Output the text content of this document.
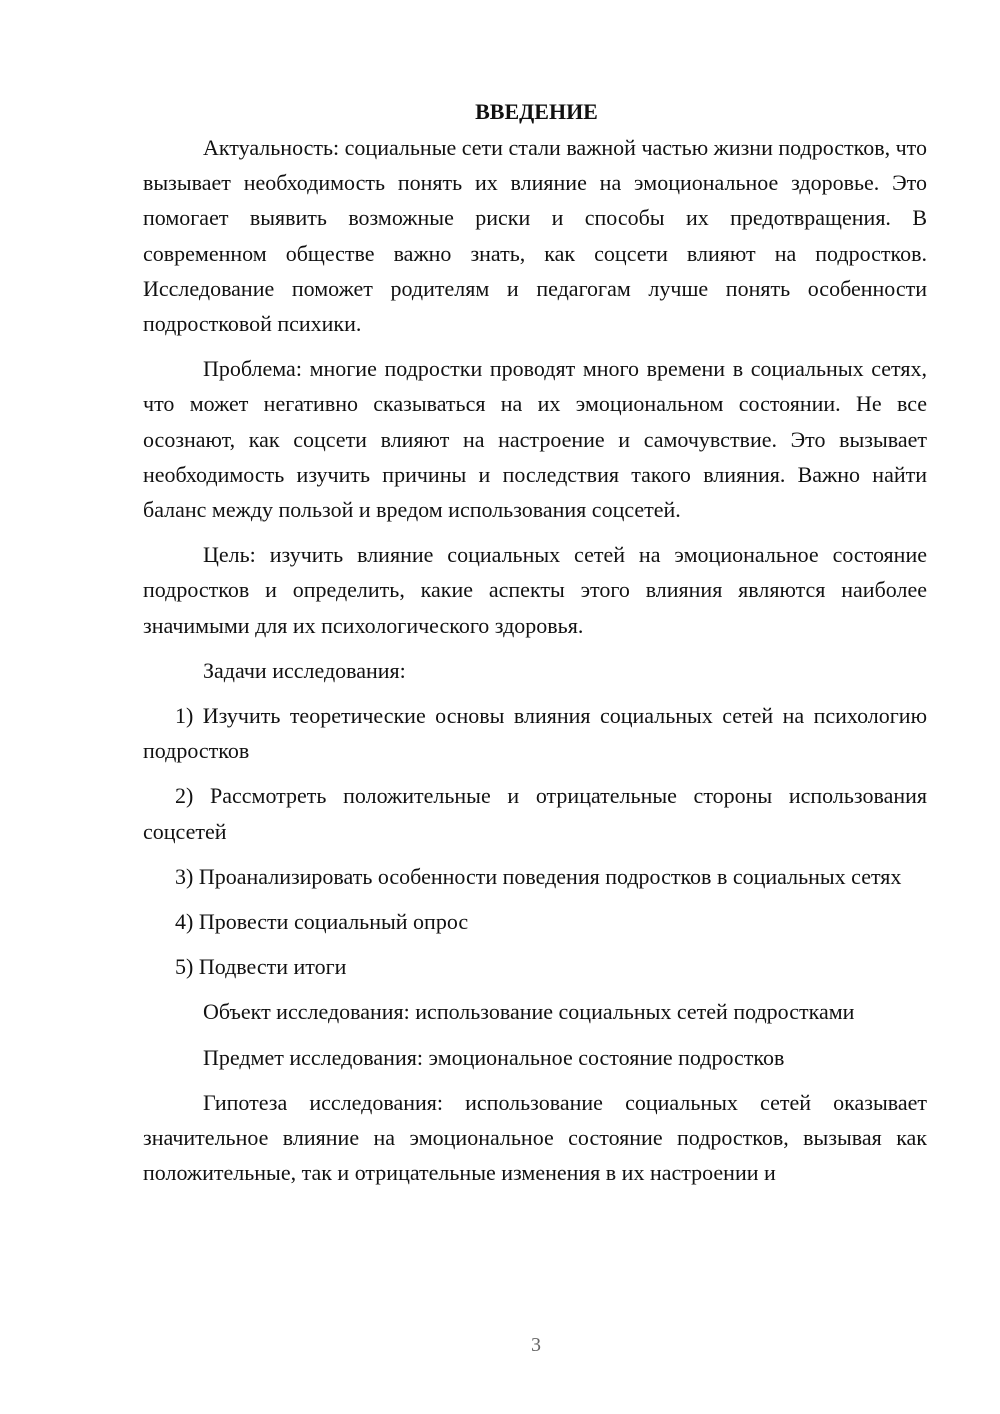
ВВЕДЕНИЕ

Актуальность: социальные сети стали важной частью жизни подростков, что вызывает необходимость понять их влияние на эмоциональное здоровье. Это помогает выявить возможные риски и способы их предотвращения. В современном обществе важно знать, как соцсети влияют на подростков. Исследование поможет родителям и педагогам лучше понять особенности подростковой психики.

Проблема: многие подростки проводят много времени в социальных сетях, что может негативно сказываться на их эмоциональном состоянии. Не все осознают, как соцсети влияют на настроение и самочувствие. Это вызывает необходимость изучить причины и последствия такого влияния. Важно найти баланс между пользой и вредом использования соцсетей.

Цель: изучить влияние социальных сетей на эмоциональное состояние подростков и определить, какие аспекты этого влияния являются наиболее значимыми для их психологического здоровья.

Задачи исследования:

1) Изучить теоретические основы влияния социальных сетей на психологию подростков

2) Рассмотреть положительные и отрицательные стороны использования соцсетей

3) Проанализировать особенности поведения подростков в социальных сетях

4) Провести социальный опрос

5) Подвести итоги

Объект исследования: использование социальных сетей подростками

Предмет исследования: эмоциональное состояние подростков

Гипотеза исследования: использование социальных сетей оказывает значительное влияние на эмоциональное состояние подростков, вызывая как положительные, так и отрицательные изменения в их настроении и

3
